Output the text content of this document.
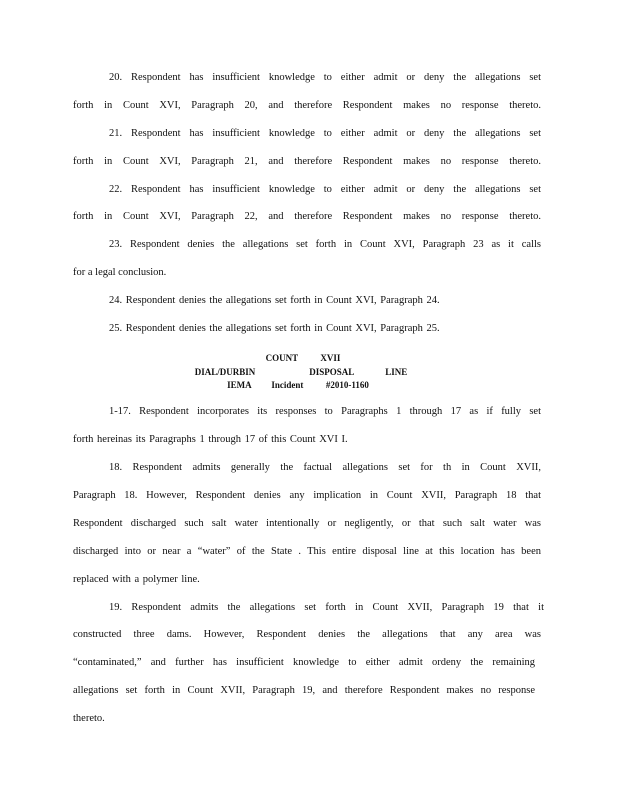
20. Respondent has insufficient knowledge to either admit or deny the allegations set
forth in Count XVI, Paragraph 20, and therefore Respondent makes no response thereto.
21. Respondent has insufficient knowledge to either admit or deny the allegations set
forth in Count XVI, Paragraph 21, and therefore Respondent makes no response thereto.
22. Respondent has insufficient knowledge to either admit or deny the allegations set
forth in Count XVI, Paragraph 22, and therefore Respondent makes no response thereto.
23. Respondent denies the allegations set forth in Count XVI, Paragraph 23 as it calls
for a legal conclusion.
24. Respondent denies the allegations set forth in Count XVI, Paragraph 24.
25. Respondent denies the allegations set forth in Count XVI, Paragraph 25.
COUNT          XVII
DIAL/DURBIN                        DISPOSAL              LINE
IEMA         Incident          #2010-1160
1-17. Respondent incorporates its responses to Paragraphs 1 through 17 as if fully set
forth hereinas its Paragraphs 1 through 17 of this Count XVI I.
18. Respondent admits generally the factual allegations set for th in Count XVII,
Paragraph 18. However, Respondent denies any implication in Count XVII, Paragraph 18 that
Respondent discharged such salt water intentionally or negligently, or that such salt water was
discharged into or near a “water” of the State . This entire disposal line at this location has been
replaced with a polymer line.
19. Respondent admits the allegations set forth in Count XVII, Paragraph 19 that it
constructed three dams. However, Respondent denies the allegations that any area was
“contaminated,” and further has insufficient knowledge to either admit ordeny the remaining
allegations set forth in Count XVII, Paragraph 19, and therefore Respondent makes no response
thereto.
